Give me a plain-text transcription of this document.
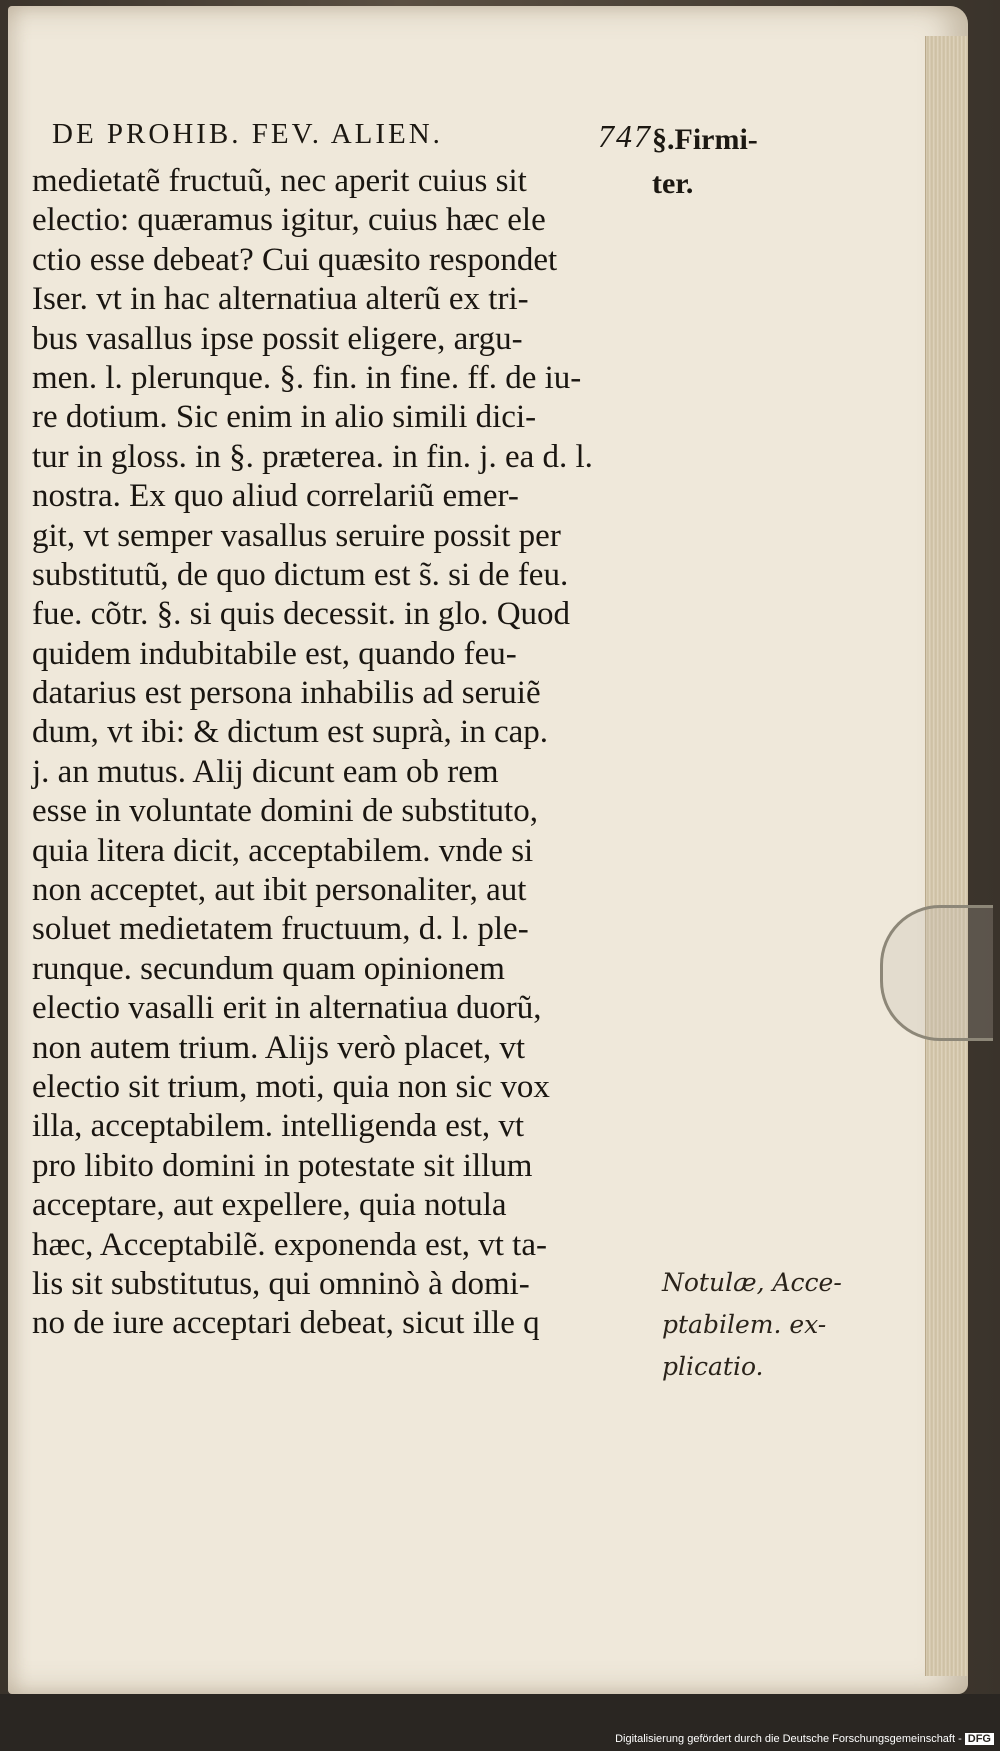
DE PROHIB. FEV. ALIEN.	747 §.Firmi-
ter.
medietatẽ fructuũ, nec aperit cuius sit
electio: quæramus igitur, cuius hæc ele
ctio esse debeat? Cui quæsito respondet
Iser. vt in hac alternatiua alterũ ex tri-
bus vasallus ipse possit eligere, argu-
men. l. plerunque. §. fin. in fine. ff. de iu-
re dotium. Sic enim in alio simili dici-
tur in gloss. in §. præterea. in fin. j. ea d. l.
nostra. Ex quo aliud correlariũ emer-
git, vt semper vasallus seruire possit per
substitutũ, de quo dictum est s̃. si de feu.
fue. cõtr. §. si quis decessit. in glo. Quod
quidem indubitabile est, quando feu-
datarius est persona inhabilis ad seruiẽ
dum, vt ibi: & dictum est suprà, in cap.
j. an mutus. Alij dicunt eam ob rem
esse in voluntate domini de substituto,
quia litera dicit, acceptabilem. vnde si
non acceptet, aut ibit personaliter, aut
soluet medietatem fructuum, d. l. ple-
runque. secundum quam opinionem
electio vasalli erit in alternatiua duorũ,
non autem trium. Alijs verò placet, vt
electio sit trium, moti, quia non sic vox
illa, acceptabilem. intelligenda est, vt
pro libito domini in potestate sit illum
acceptare, aut expellere, quia notula
hæc, Acceptabilẽ. exponenda est, vt ta-
lis sit substitutus, qui omninò à domi-
no de iure acceptari debeat, sicut ille q
Notulæ, Acce-
ptabilem. ex-
plicatio.
Digitalisierung gefördert durch die Deutsche Forschungsgemeinschaft - DFG
